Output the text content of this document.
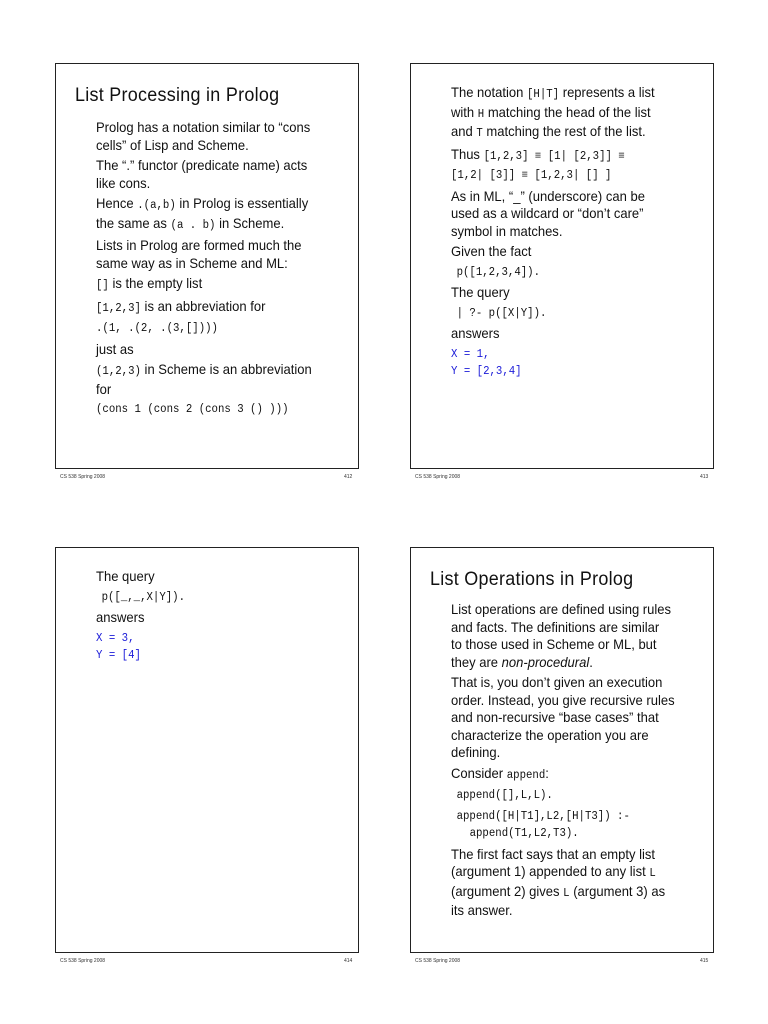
List Processing in Prolog

Prolog has a notation similar to “cons
cells” of Lisp and Scheme.

The “.” functor (predicate name) acts
like cons.

Hence .(a,b) in Prolog is essentially
the same as (a . b) in Scheme.

Lists in Prolog are formed much the
same way as in Scheme and ML:

[] is the empty list

[1,2,3] is an abbreviation for

.(1, .(2, .(3,[])))

just as

(1,2,3) in Scheme is an abbreviation
for

(cons 1 (cons 2 (cons 3 () )))

CS 538 Spring 2008	412

The notation [H|T] represents a list
with H matching the head of the list
and T matching the rest of the list.

Thus [1,2,3] ≡ [1| [2,3]] ≡
[1,2| [3]] ≡ [1,2,3| [] ]

As in ML, “_” (underscore) can be
used as a wildcard or “don’t care”
symbol in matches.

Given the fact

p([1,2,3,4]).

The query

| ?- p([X|Y]).

answers

X = 1,

Y = [2,3,4]

CS 538 Spring 2008	413

The query

p([_,_,X|Y]).

answers

X = 3,

Y = [4]

CS 538 Spring 2008	414
List Operations in Prolog

List operations are defined using rules
and facts. The definitions are similar
to those used in Scheme or ML, but
they are non-procedural.

That is, you don’t given an execution
order. Instead, you give recursive rules
and non-recursive “base cases” that
characterize the operation you are
defining.

Consider append:

append([],L,L).

append([H|T1],L2,[H|T3]) :-

append(T1,L2,T3).

The first fact says that an empty list
(argument 1) appended to any list L
(argument 2) gives L (argument 3) as
its answer.

CS 538 Spring 2008	415
